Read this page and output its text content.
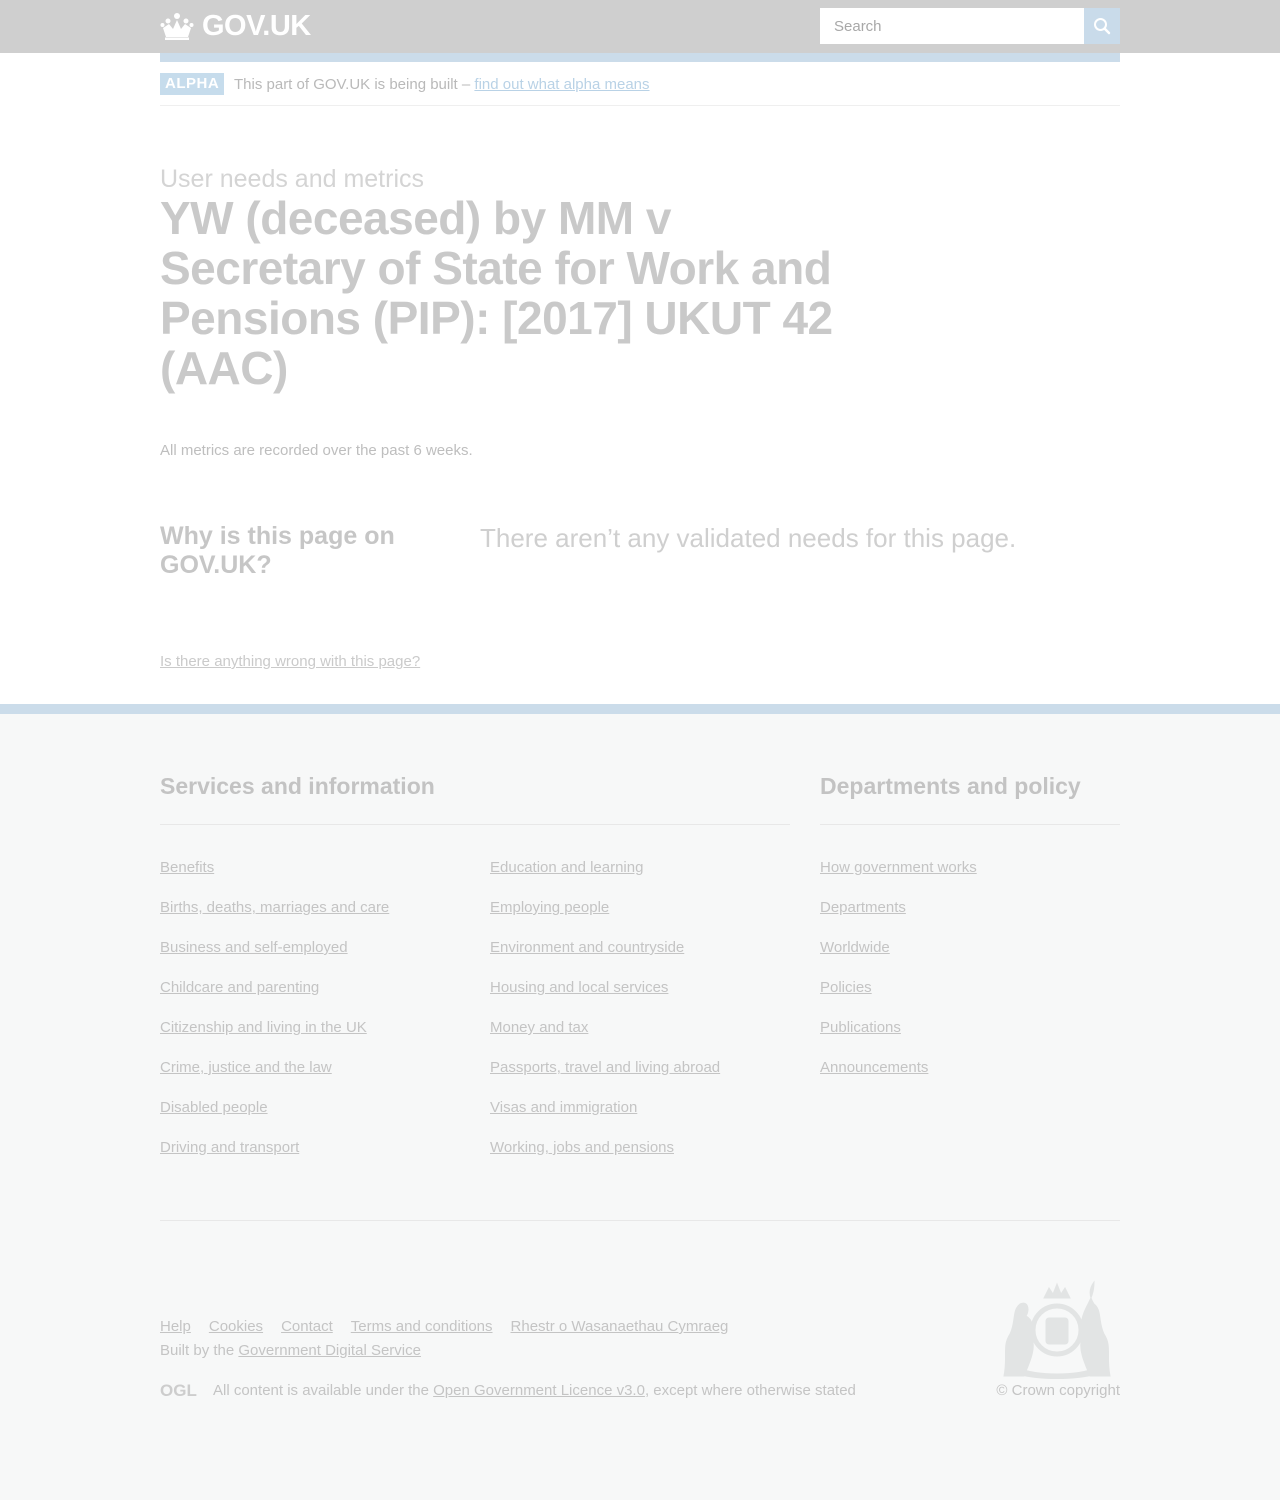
GOV.UK
Search
ALPHA This part of GOV.UK is being built – find out what alpha means
User needs and metrics
YW (deceased) by MM v Secretary of State for Work and Pensions (PIP): [2017] UKUT 42 (AAC)

All metrics are recorded over the past 6 weeks.

Why is this page on GOV.UK?

There aren’t any validated needs for this page.

Is there anything wrong with this page?
Services and information	Departments and policy
Benefits
Births, deaths, marriages and care
Business and self-employed
Childcare and parenting
Citizenship and living in the UK
Crime, justice and the law
Disabled people
Driving and transport
Education and learning
Employing people
Environment and countryside
Housing and local services
Money and tax
Passports, travel and living abroad
Visas and immigration
Working, jobs and pensions
How government works
Departments
Worldwide
Policies
Publications
Announcements
Help Cookies Contact Terms and conditions Rhestr o Wasanaethau Cymraeg
Built by the Government Digital Service
OGL All content is available under the Open Government Licence v3.0, except where otherwise stated	© Crown copyright
